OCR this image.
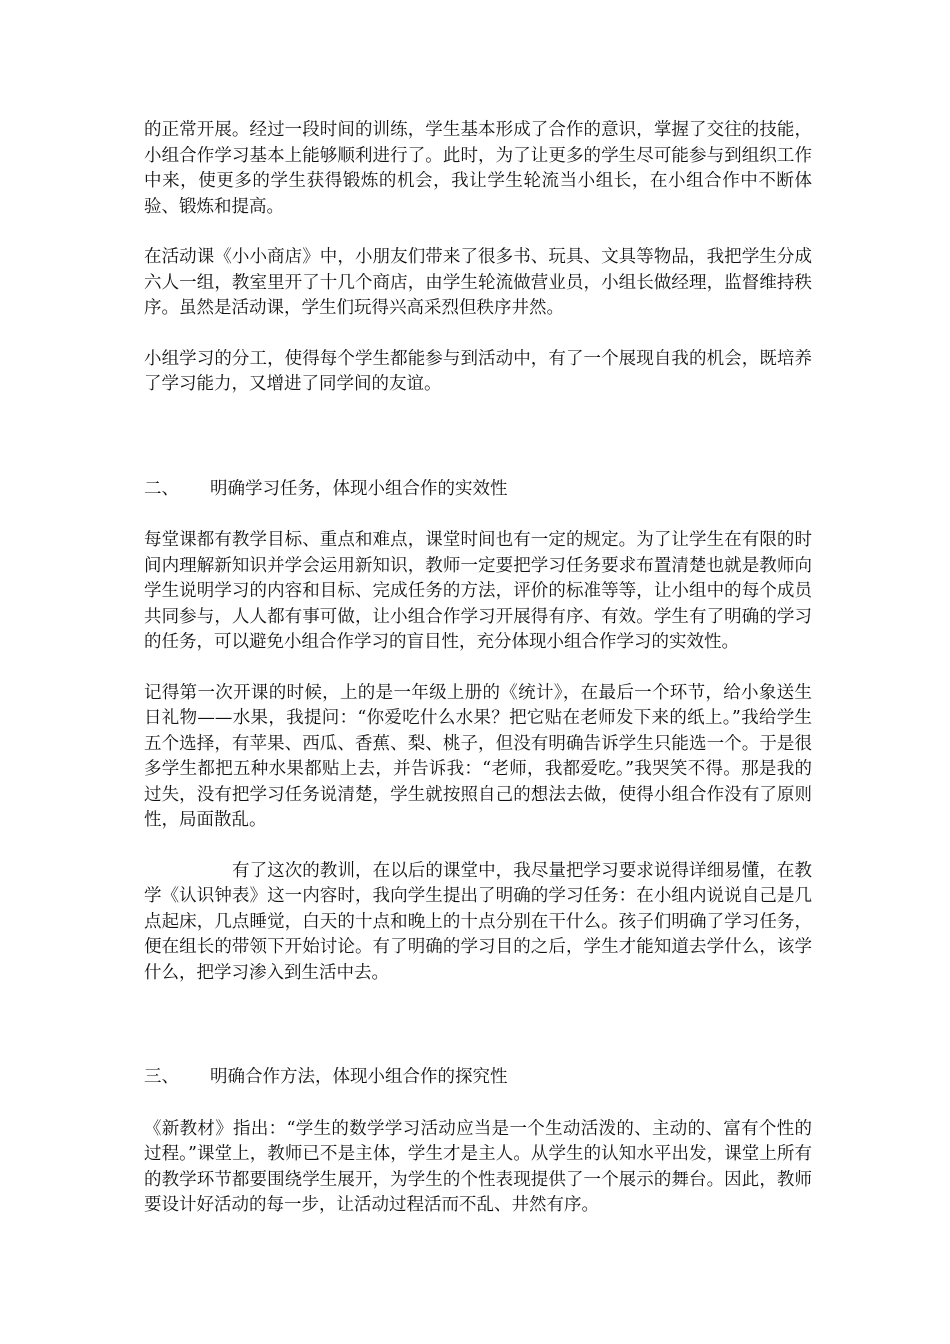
的正常开展。经过一段时间的训练，学生基本形成了合作的意识，掌握了交往的技能，小组合作学习基本上能够顺利进行了。此时，为了让更多的学生尽可能参与到组织工作中来，使更多的学生获得锻炼的机会，我让学生轮流当小组长，在小组合作中不断体验、锻炼和提高。

在活动课《小小商店》中，小朋友们带来了很多书、玩具、文具等物品，我把学生分成六人一组，教室里开了十几个商店，由学生轮流做营业员，小组长做经理，监督维持秩序。虽然是活动课，学生们玩得兴高采烈但秩序井然。

小组学习的分工，使得每个学生都能参与到活动中，有了一个展现自我的机会，既培养了学习能力，又增进了同学间的友谊。

二、 明确学习任务，体现小组合作的实效性

每堂课都有教学目标、重点和难点，课堂时间也有一定的规定。为了让学生在有限的时间内理解新知识并学会运用新知识，教师一定要把学习任务要求布置清楚也就是教师向学生说明学习的内容和目标、完成任务的方法，评价的标准等等，让小组中的每个成员共同参与，人人都有事可做，让小组合作学习开展得有序、有效。学生有了明确的学习的任务，可以避免小组合作学习的盲目性，充分体现小组合作学习的实效性。

记得第一次开课的时候，上的是一年级上册的《统计》，在最后一个环节，给小象送生日礼物——水果，我提问：“你爱吃什么水果？把它贴在老师发下来的纸上。”我给学生五个选择，有苹果、西瓜、香蕉、梨、桃子，但没有明确告诉学生只能选一个。于是很多学生都把五种水果都贴上去，并告诉我：“老师，我都爱吃。”我哭笑不得。那是我的过失，没有把学习任务说清楚，学生就按照自己的想法去做，使得小组合作没有了原则性，局面散乱。

有了这次的教训，在以后的课堂中，我尽量把学习要求说得详细易懂，在教学《认识钟表》这一内容时，我向学生提出了明确的学习任务：在小组内说说自己是几点起床，几点睡觉，白天的十点和晚上的十点分别在干什么。孩子们明确了学习任务，便在组长的带领下开始讨论。有了明确的学习目的之后，学生才能知道去学什么，该学什么，把学习渗入到生活中去。

三、 明确合作方法，体现小组合作的探究性

《新教材》指出：“学生的数学学习活动应当是一个生动活泼的、主动的、富有个性的过程。”课堂上，教师已不是主体，学生才是主人。从学生的认知水平出发，课堂上所有的教学环节都要围绕学生展开，为学生的个性表现提供了一个展示的舞台。因此，教师要设计好活动的每一步，让活动过程活而不乱、井然有序。
